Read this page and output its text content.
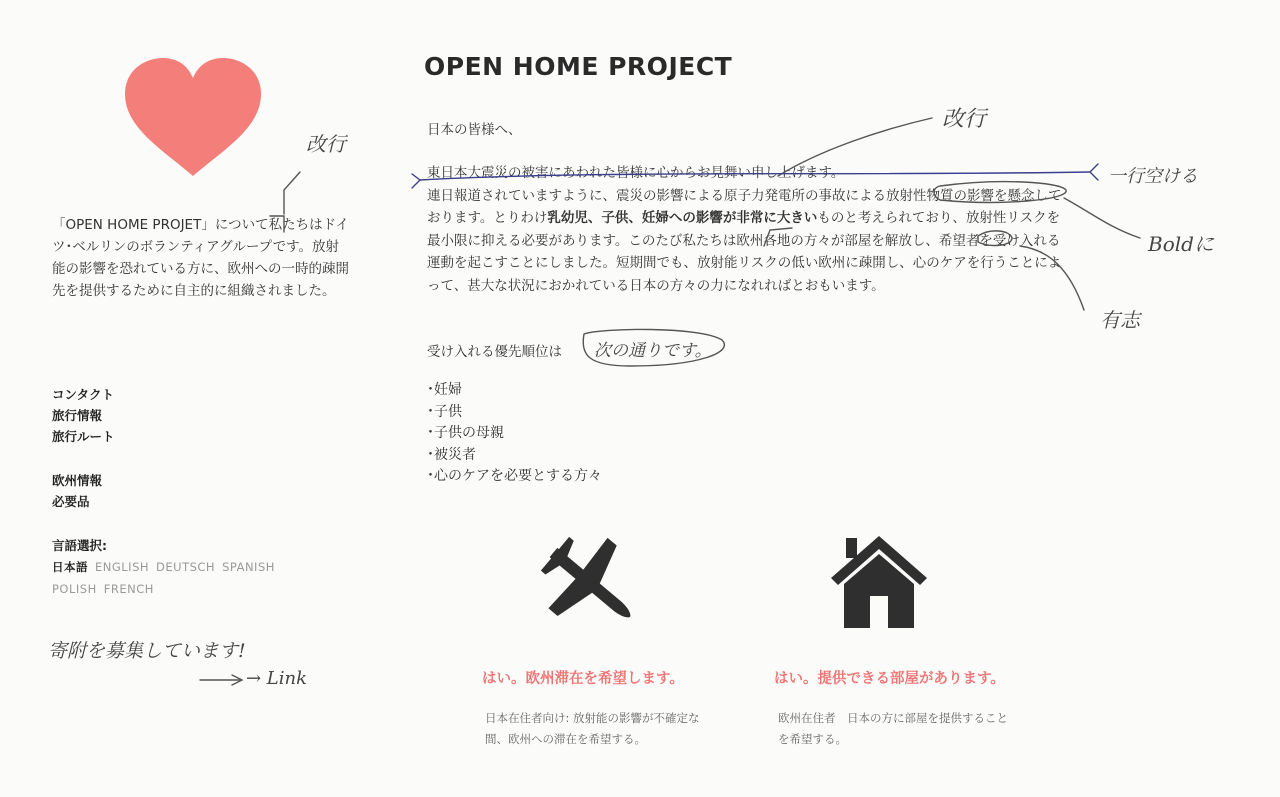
「OPEN HOME PROJET」について私たちはドイツ･ベルリンのボランティアグループです。放射能の影響を恐れている方に、欧州への一時的疎開先を提供するために自主的に組織されました。
コンタクト
旅行情報
旅行ルート
欧州情報
必要品
言語選択:
日本語 ENGLISH DEUTSCH SPANISH
POLISH FRENCH
OPEN HOME PROJECT
日本の皆様へ、
東日本大震災の被害にあわれた皆様に心からお見舞い申し上げます。
連日報道されていますように、震災の影響による原子力発電所の事故による放射性物質の影響を懸念しております。とりわけ乳幼児、子供、妊婦への影響が非常に大きいものと考えられており、放射性リスクを最小限に抑える必要があります。このたび私たちは欧州各地の方々が部屋を解放し、希望者を受け入れる運動を起こすことにしました。短期間でも、放射能リスクの低い欧州に疎開し、心のケアを行うことによって、甚大な状況におかれている日本の方々の力になれればとおもいます。
受け入れる優先順位は
･妊婦
･子供
･子供の母親
･被災者
･心のケアを必要とする方々
はい。欧州滞在を希望します。
日本在住者向け: 放射能の影響が不確定な間、欧州への滞在を希望する。
はい。提供できる部屋があります。
欧州在住者　日本の方に部屋を提供することを希望する。
改行
改行
一行空ける
Boldに
有志
次の通りです。
寄附を募集しています!
→ Link
